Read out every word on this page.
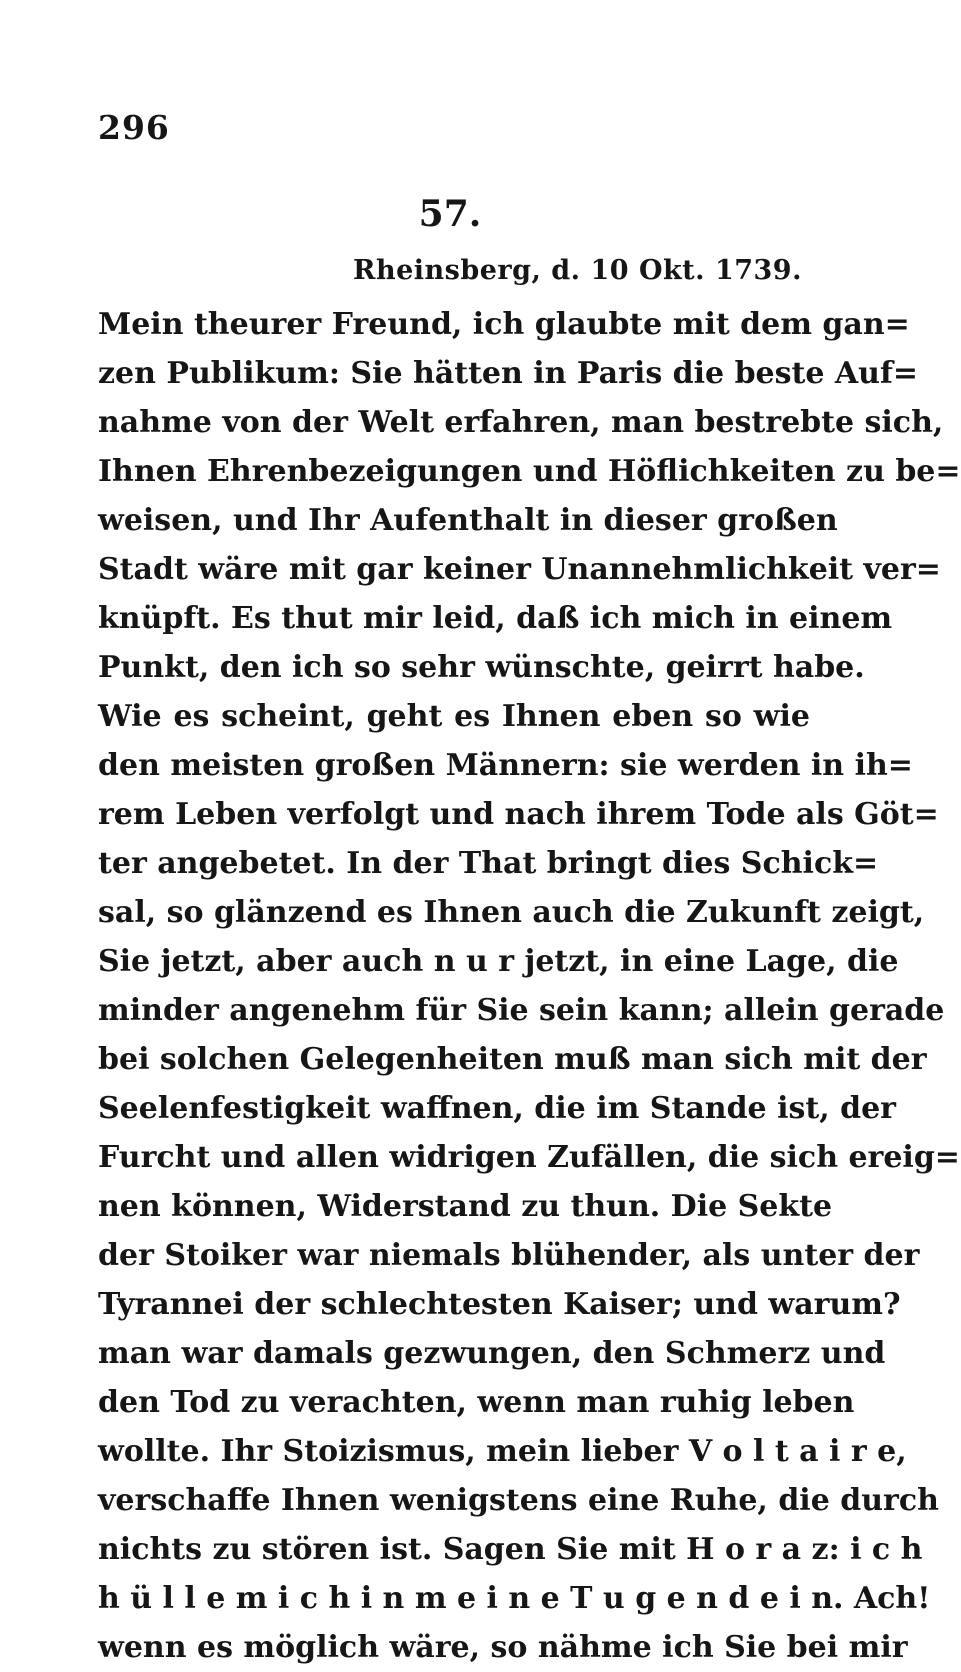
296
57.
Rheinsberg, d. 10 Okt. 1739.
Mein theurer Freund, ich glaubte mit dem gan=
zen Publikum: Sie hätten in Paris die beste Auf=
nahme von der Welt erfahren, man bestrebte sich,
Ihnen Ehrenbezeigungen und Höflichkeiten zu be=
weisen, und Ihr Aufenthalt in dieser großen
Stadt wäre mit gar keiner Unannehmlichkeit ver=
knüpft. Es thut mir leid, daß ich mich in einem
Punkt, den ich so sehr wünschte, geirrt habe.
Wie es scheint, geht es Ihnen eben so wie
den meisten großen Männern: sie werden in ih=
rem Leben verfolgt und nach ihrem Tode als Göt=
ter angebetet. In der That bringt dies Schick=
sal, so glänzend es Ihnen auch die Zukunft zeigt,
Sie jetzt, aber auch n u r jetzt, in eine Lage, die
minder angenehm für Sie sein kann; allein gerade
bei solchen Gelegenheiten muß man sich mit der
Seelenfestigkeit waffnen, die im Stande ist, der
Furcht und allen widrigen Zufällen, die sich ereig=
nen können, Widerstand zu thun. Die Sekte
der Stoiker war niemals blühender, als unter der
Tyrannei der schlechtesten Kaiser; und warum?
man war damals gezwungen, den Schmerz und
den Tod zu verachten, wenn man ruhig leben
wollte. Ihr Stoizismus, mein lieber V o l t a i r e,
verschaffe Ihnen wenigstens eine Ruhe, die durch
nichts zu stören ist. Sagen Sie mit H o r a z: i c h
h ü l l e m i c h i n m e i n e T u g e n d e i n. Ach!
wenn es möglich wäre, so nähme ich Sie bei mir
